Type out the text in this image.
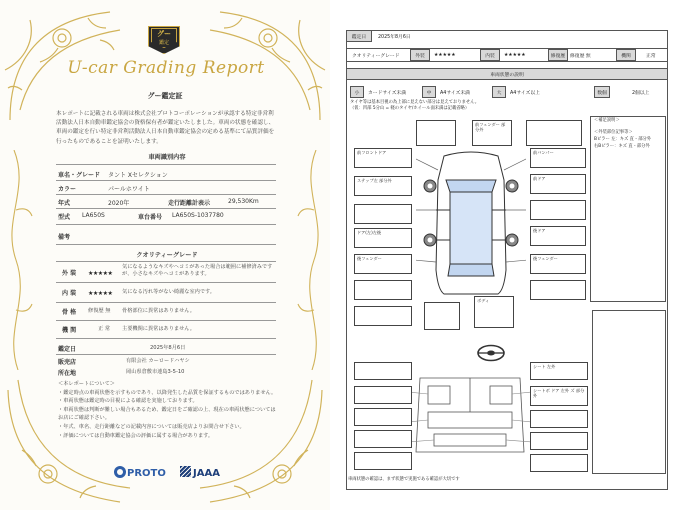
グー
鑑定
U-car Grading Report
グー鑑定証
本レポートに記載される車両は株式会社プロトコーポレーションが承認する特定非営利活動法人日本自動車鑑定協会の資格保有者が鑑定いたしました。車両の状態を確認し、車両の鑑定を行い特定非営利活動法人日本自動車鑑定協会の定める基準にて品質評価を行ったものであることを証明いたします。
車両識別内容
車名・グレード タント Xセレクション
カラー	パールホワイト
年式	2020年	走行距離計表示	29,530Km
型式 LA650S	車台番号 LA650S-1037780
備考
クオリティーグレード
外 装 ★★★★★
気になるようなキズやヘコミがあった場合は範囲に補修済みですが、小さなキズやヘコミがあります。
内 装 ★★★★★ 気になる汚れ等がない綺麗な室内です。
骨 格 修復歴 無 骨格部位に異常はありません。
機 関	正 常 主要機関に異常はありません。
鑑定日	2025年8月6日
販売店	有限会社 カーロードハヤシ
所在地	岡山県倉敷市連島3-5-10
＜本レポートについて＞
・鑑定時点の車両状態を示すものであり、以降発生した品質を保証するものではありません。
・車両状態は鑑定時の目視による確認を実施しております。
・車両状態は判断が難しい場合もあるため、鑑定日をご確認の上、現在の車両状態についてはお店にご確認下さい。
・年式、車名、走行距離などの記載内容については販売店よりお問合せ下さい。
・評価については自動車鑑定協会の評価に属する場合があります。
PROTO	JAAA
鑑定日	2025年8月6日
クオリティーグレード	外装	★★★★★	内装	★★★★★	修復歴 修復歴 無	機関	正常
車両状態の説明
小	カードサイズ未満	中	A4サイズ未満	大	A4サイズ以上	数個	2個以上
タイヤ等は基本目視の為上部に見えない部分は見えておりません。
（仮：凹部 5分山 = 軽のタイヤ/ホイール面未満は記載省略）
＜補足説明＞
＜外装部位記事等＞
Bピラー 左：キズ 直 - 部分外
右Bピラー：キズ 直 - 部分外
前フロントドア
ステップ左 部分外
ドア(左)左後
後フェンダー
前フェンダー 部分外
前バンパー
前ドア
後ドア
後フェンダー
ボディ
シート 左外
シートボ ドア 左外 ズ 部分外
車両状態の確認は、まず状態で実施である確認が大切です
